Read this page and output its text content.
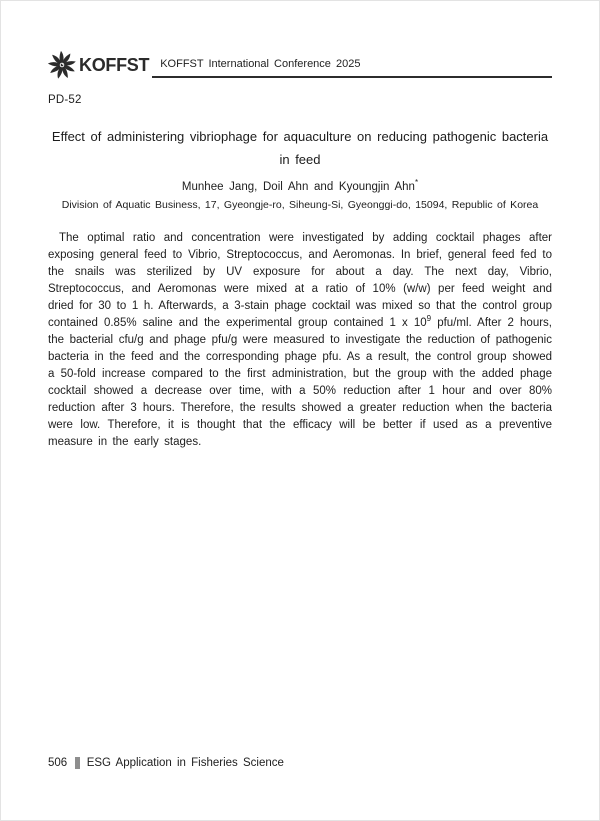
KOFFST	KOFFST International Conference 2025
PD-52
Effect of administering vibriophage for aquaculture on reducing pathogenic bacteria in feed
Munhee Jang, Doil Ahn and Kyoungjin Ahn*
Division of Aquatic Business, 17, Gyeongje-ro, Siheung-Si, Gyeonggi-do, 15094, Republic of Korea

The optimal ratio and concentration were investigated by adding cocktail phages after exposing general feed to Vibrio, Streptococcus, and Aeromonas. In brief, general feed fed to the snails was sterilized by UV exposure for about a day. The next day, Vibrio, Streptococcus, and Aeromonas were mixed at a ratio of 10% (w/w) per feed weight and dried for 30 to 1 h. Afterwards, a 3-stain phage cocktail was mixed so that the control group contained 0.85% saline and the experimental group contained 1 x $10^9$ pfu/ml. After 2 hours, the bacterial cfu/g and phage pfu/g were measured to investigate the reduction of pathogenic bacteria in the feed and the corresponding phage pfu. As a result, the control group showed a 50-fold increase compared to the first administration, but the group with the added phage cocktail showed a decrease over time, with a 50% reduction after 1 hour and over 80% reduction after 3 hours. Therefore, the results showed a greater reduction when the bacteria were low. Therefore, it is thought that the efficacy will be better if used as a preventive measure in the early stages.

506 ESG Application in Fisheries Science
